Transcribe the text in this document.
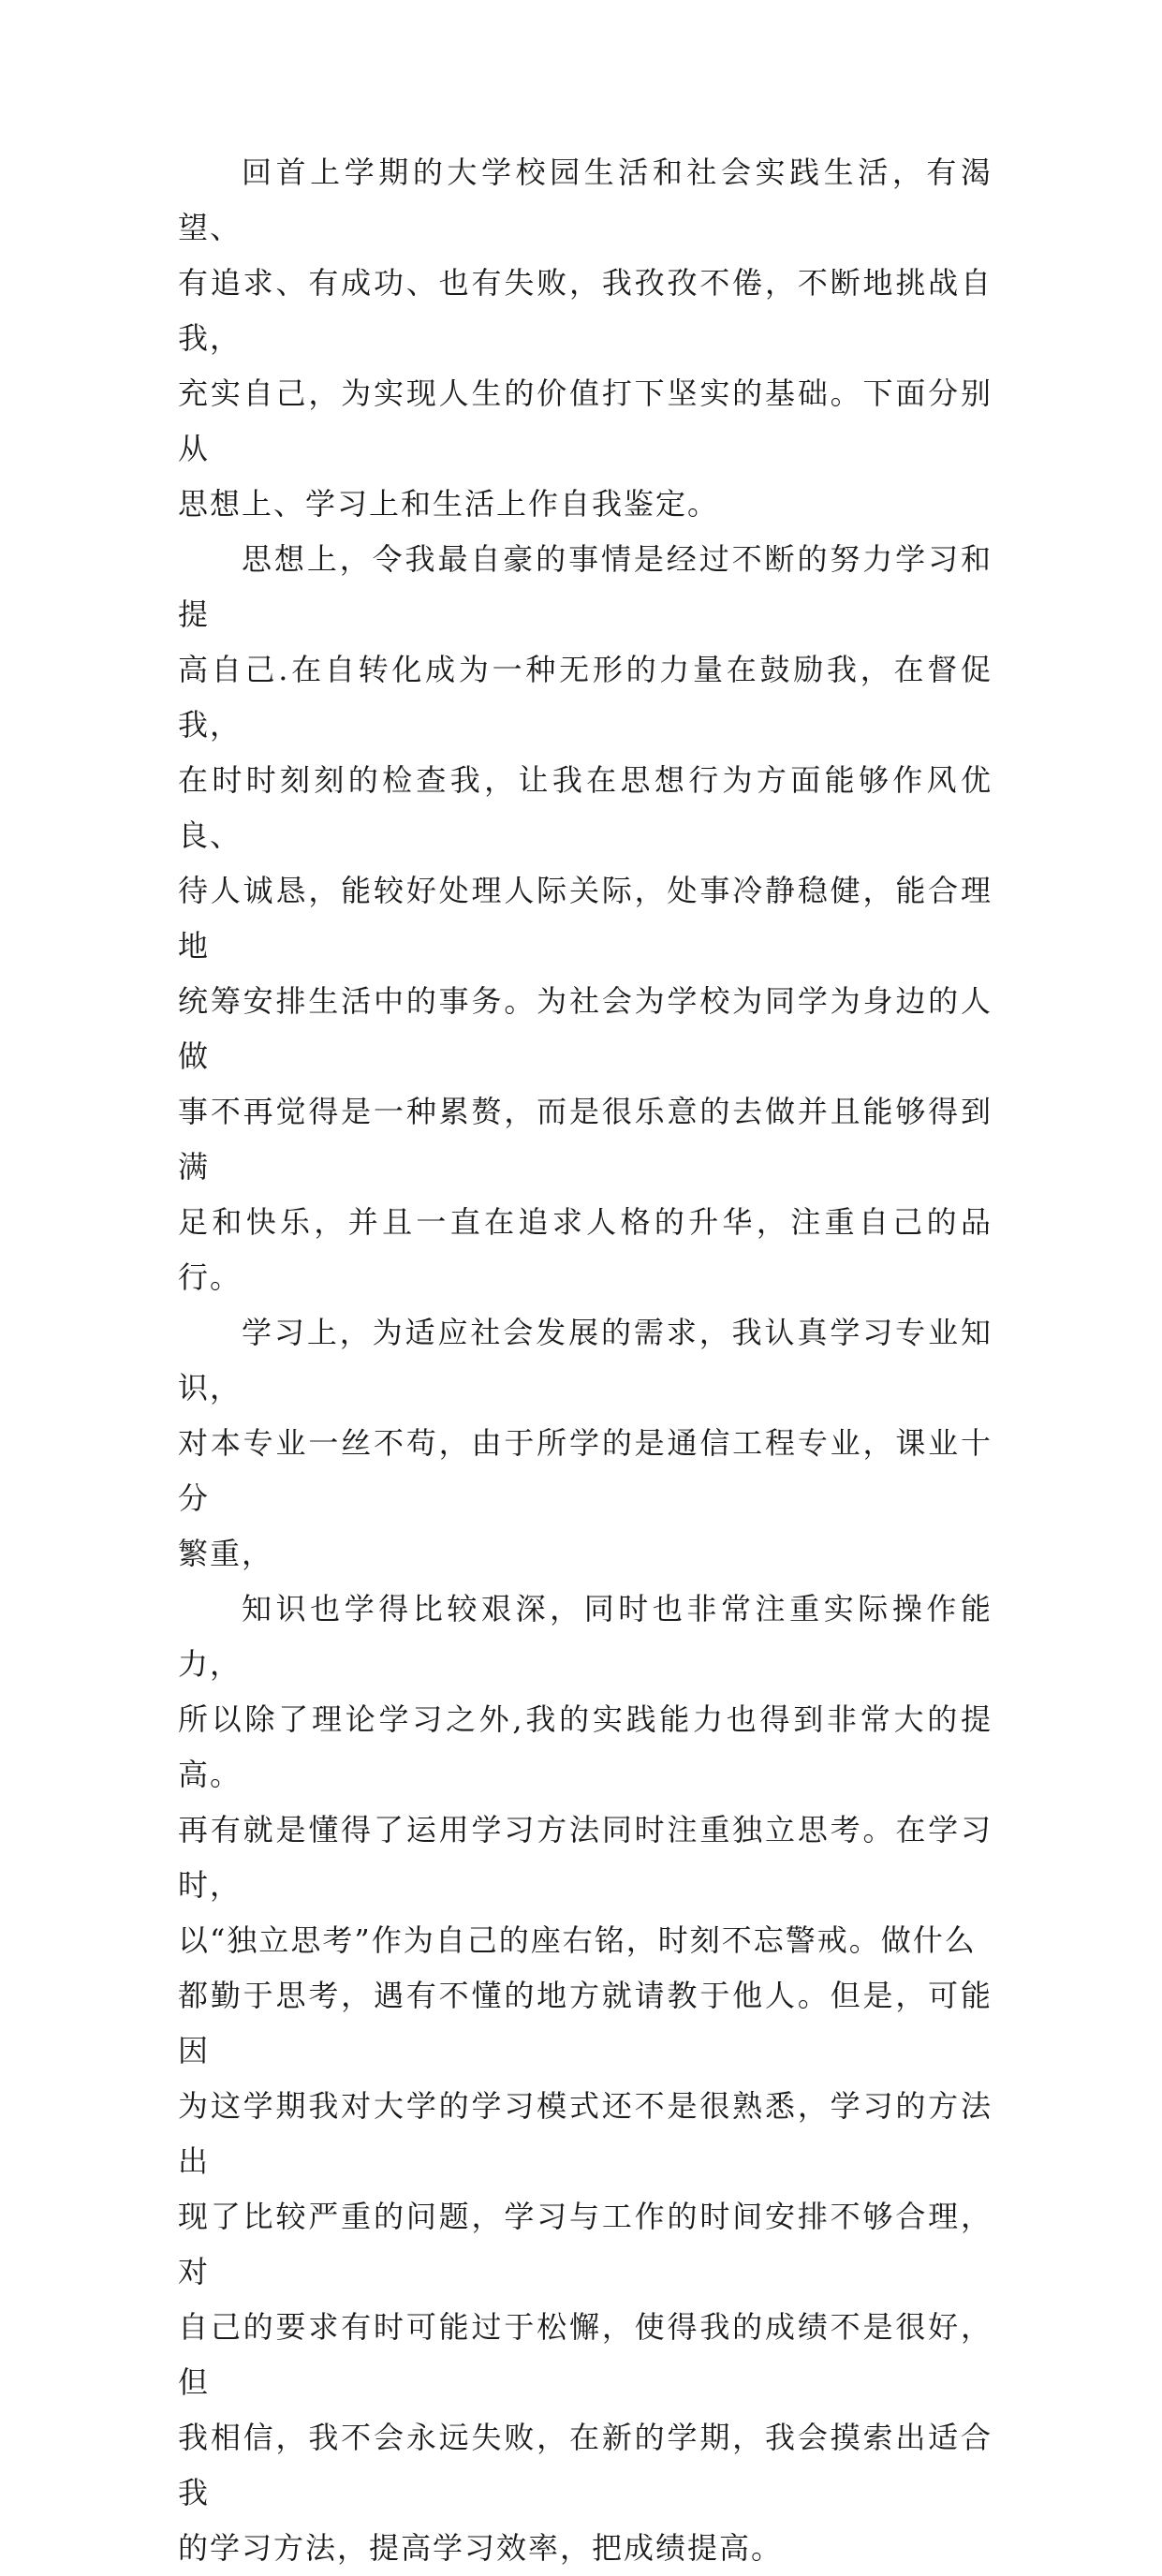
回首上学期的大学校园生活和社会实践生活，有渴望、
有追求、有成功、也有失败，我孜孜不倦，不断地挑战自我，
充实自己，为实现人生的价值打下坚实的基础。下面分别从
思想上、学习上和生活上作自我鉴定。

思想上，令我最自豪的事情是经过不断的努力学习和提
高自己.在自转化成为一种无形的力量在鼓励我，在督促我，
在时时刻刻的检查我，让我在思想行为方面能够作风优良、
待人诚恳，能较好处理人际关际，处事冷静稳健，能合理地
统筹安排生活中的事务。为社会为学校为同学为身边的人做
事不再觉得是一种累赘，而是很乐意的去做并且能够得到满
足和快乐，并且一直在追求人格的升华，注重自己的品行。

学习上，为适应社会发展的需求，我认真学习专业知识，
对本专业一丝不苟，由于所学的是通信工程专业，课业十分
繁重，

知识也学得比较艰深，同时也非常注重实际操作能力，
所以除了理论学习之外,我的实践能力也得到非常大的提高。
再有就是懂得了运用学习方法同时注重独立思考。在学习时，
以“独立思考”作为自己的座右铭，时刻不忘警戒。做什么
都勤于思考，遇有不懂的地方就请教于他人。但是，可能因
为这学期我对大学的学习模式还不是很熟悉，学习的方法出
现了比较严重的问题，学习与工作的时间安排不够合理，对
自己的要求有时可能过于松懈，使得我的成绩不是很好，但
我相信，我不会永远失败，在新的学期，我会摸索出适合我
的学习方法，提高学习效率，把成绩提高。
